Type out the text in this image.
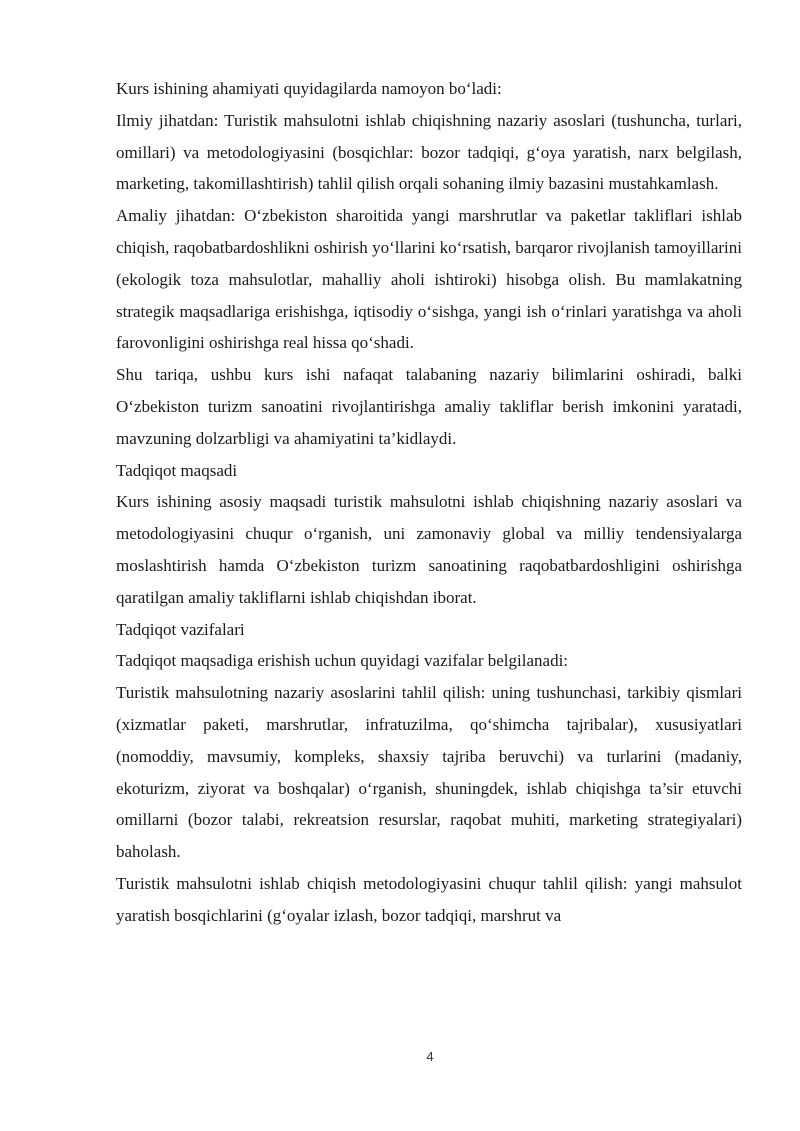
Kurs ishining ahamiyati quyidagilarda namoyon bo‘ladi:

Ilmiy jihatdan: Turistik mahsulotni ishlab chiqishning nazariy asoslari (tushuncha, turlari, omillari) va metodologiyasini (bosqichlar: bozor tadqiqi, g‘oya yaratish, narx belgilash, marketing, takomillashtirish) tahlil qilish orqali sohaning ilmiy bazasini mustahkamlash.

Amaliy jihatdan: O‘zbekiston sharoitida yangi marshrutlar va paketlar takliflari ishlab chiqish, raqobatbardoshlikni oshirish yo‘llarini ko‘rsatish, barqaror rivojlanish tamoyillarini (ekologik toza mahsulotlar, mahalliy aholi ishtiroki) hisobga olish. Bu mamlakatning strategik maqsadlariga erishishga, iqtisodiy o‘sishga, yangi ish o‘rinlari yaratishga va aholi farovonligini oshirishga real hissa qo‘shadi.

Shu tariqa, ushbu kurs ishi nafaqat talabaning nazariy bilimlarini oshiradi, balki O‘zbekiston turizm sanoatini rivojlantirishga amaliy takliflar berish imkonini yaratadi, mavzuning dolzarbligi va ahamiyatini ta’kidlaydi.

Tadqiqot maqsadi

Kurs ishining asosiy maqsadi turistik mahsulotni ishlab chiqishning nazariy asoslari va metodologiyasini chuqur o‘rganish, uni zamonaviy global va milliy tendensiyalarga moslashtirish hamda O‘zbekiston turizm sanoatining raqobatbardoshligini oshirishga qaratilgan amaliy takliflarni ishlab chiqishdan iborat.

Tadqiqot vazifalari

Tadqiqot maqsadiga erishish uchun quyidagi vazifalar belgilanadi:

Turistik mahsulotning nazariy asoslarini tahlil qilish: uning tushunchasi, tarkibiy qismlari (xizmatlar paketi, marshrutlar, infratuzilma, qo‘shimcha tajribalar), xususiyatlari (nomoddiy, mavsumiy, kompleks, shaxsiy tajriba beruvchi) va turlarini (madaniy, ekoturizm, ziyorat va boshqalar) o‘rganish, shuningdek, ishlab chiqishga ta’sir etuvchi omillarni (bozor talabi, rekreatsion resurslar, raqobat muhiti, marketing strategiyalari) baholash.

Turistik mahsulotni ishlab chiqish metodologiyasini chuqur tahlil qilish: yangi mahsulot yaratish bosqichlarini (g‘oyalar izlash, bozor tadqiqi, marshrut va

4
